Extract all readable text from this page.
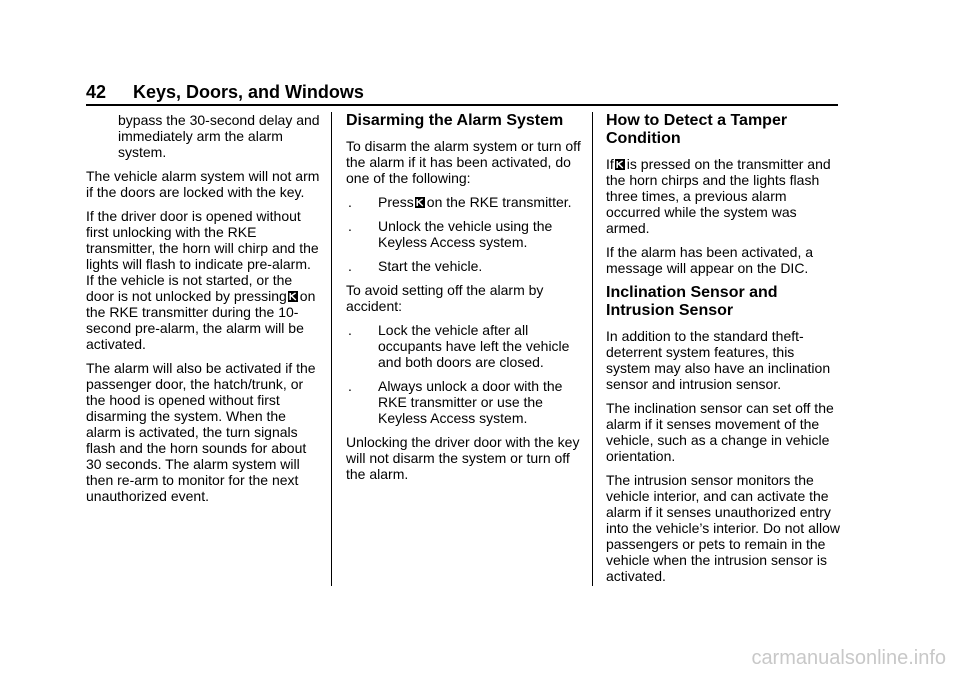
42 Keys, Doors, and Windows

bypass the 30-second delay and immediately arm the alarm system.

The vehicle alarm system will not arm if the doors are locked with the key.

If the driver door is opened without first unlocking with the RKE transmitter, the horn will chirp and the lights will flash to indicate pre-alarm. If the vehicle is not started, or the door is not unlocked by pressing on the RKE transmitter during the 10-second pre-alarm, the alarm will be activated.

The alarm will also be activated if the passenger door, the hatch/trunk, or the hood is opened without first disarming the system. When the alarm is activated, the turn signals flash and the horn sounds for about 30 seconds. The alarm system will then re-arm to monitor for the next unauthorized event.

Disarming the Alarm System

To disarm the alarm system or turn off the alarm if it has been activated, do one of the following:

. Press on the RKE transmitter.

. Unlock the vehicle using the Keyless Access system.

. Start the vehicle.

To avoid setting off the alarm by accident:

. Lock the vehicle after all occupants have left the vehicle and both doors are closed.

. Always unlock a door with the RKE transmitter or use the Keyless Access system.

Unlocking the driver door with the key will not disarm the system or turn off the alarm.

How to Detect a Tamper Condition

If is pressed on the transmitter and the horn chirps and the lights flash three times, a previous alarm occurred while the system was armed.

If the alarm has been activated, a message will appear on the DIC.

Inclination Sensor and Intrusion Sensor

In addition to the standard theft-deterrent system features, this system may also have an inclination sensor and intrusion sensor.

The inclination sensor can set off the alarm if it senses movement of the vehicle, such as a change in vehicle orientation.

The intrusion sensor monitors the vehicle interior, and can activate the alarm if it senses unauthorized entry into the vehicle’s interior. Do not allow passengers or pets to remain in the vehicle when the intrusion sensor is activated.

carmanualsonline.info
